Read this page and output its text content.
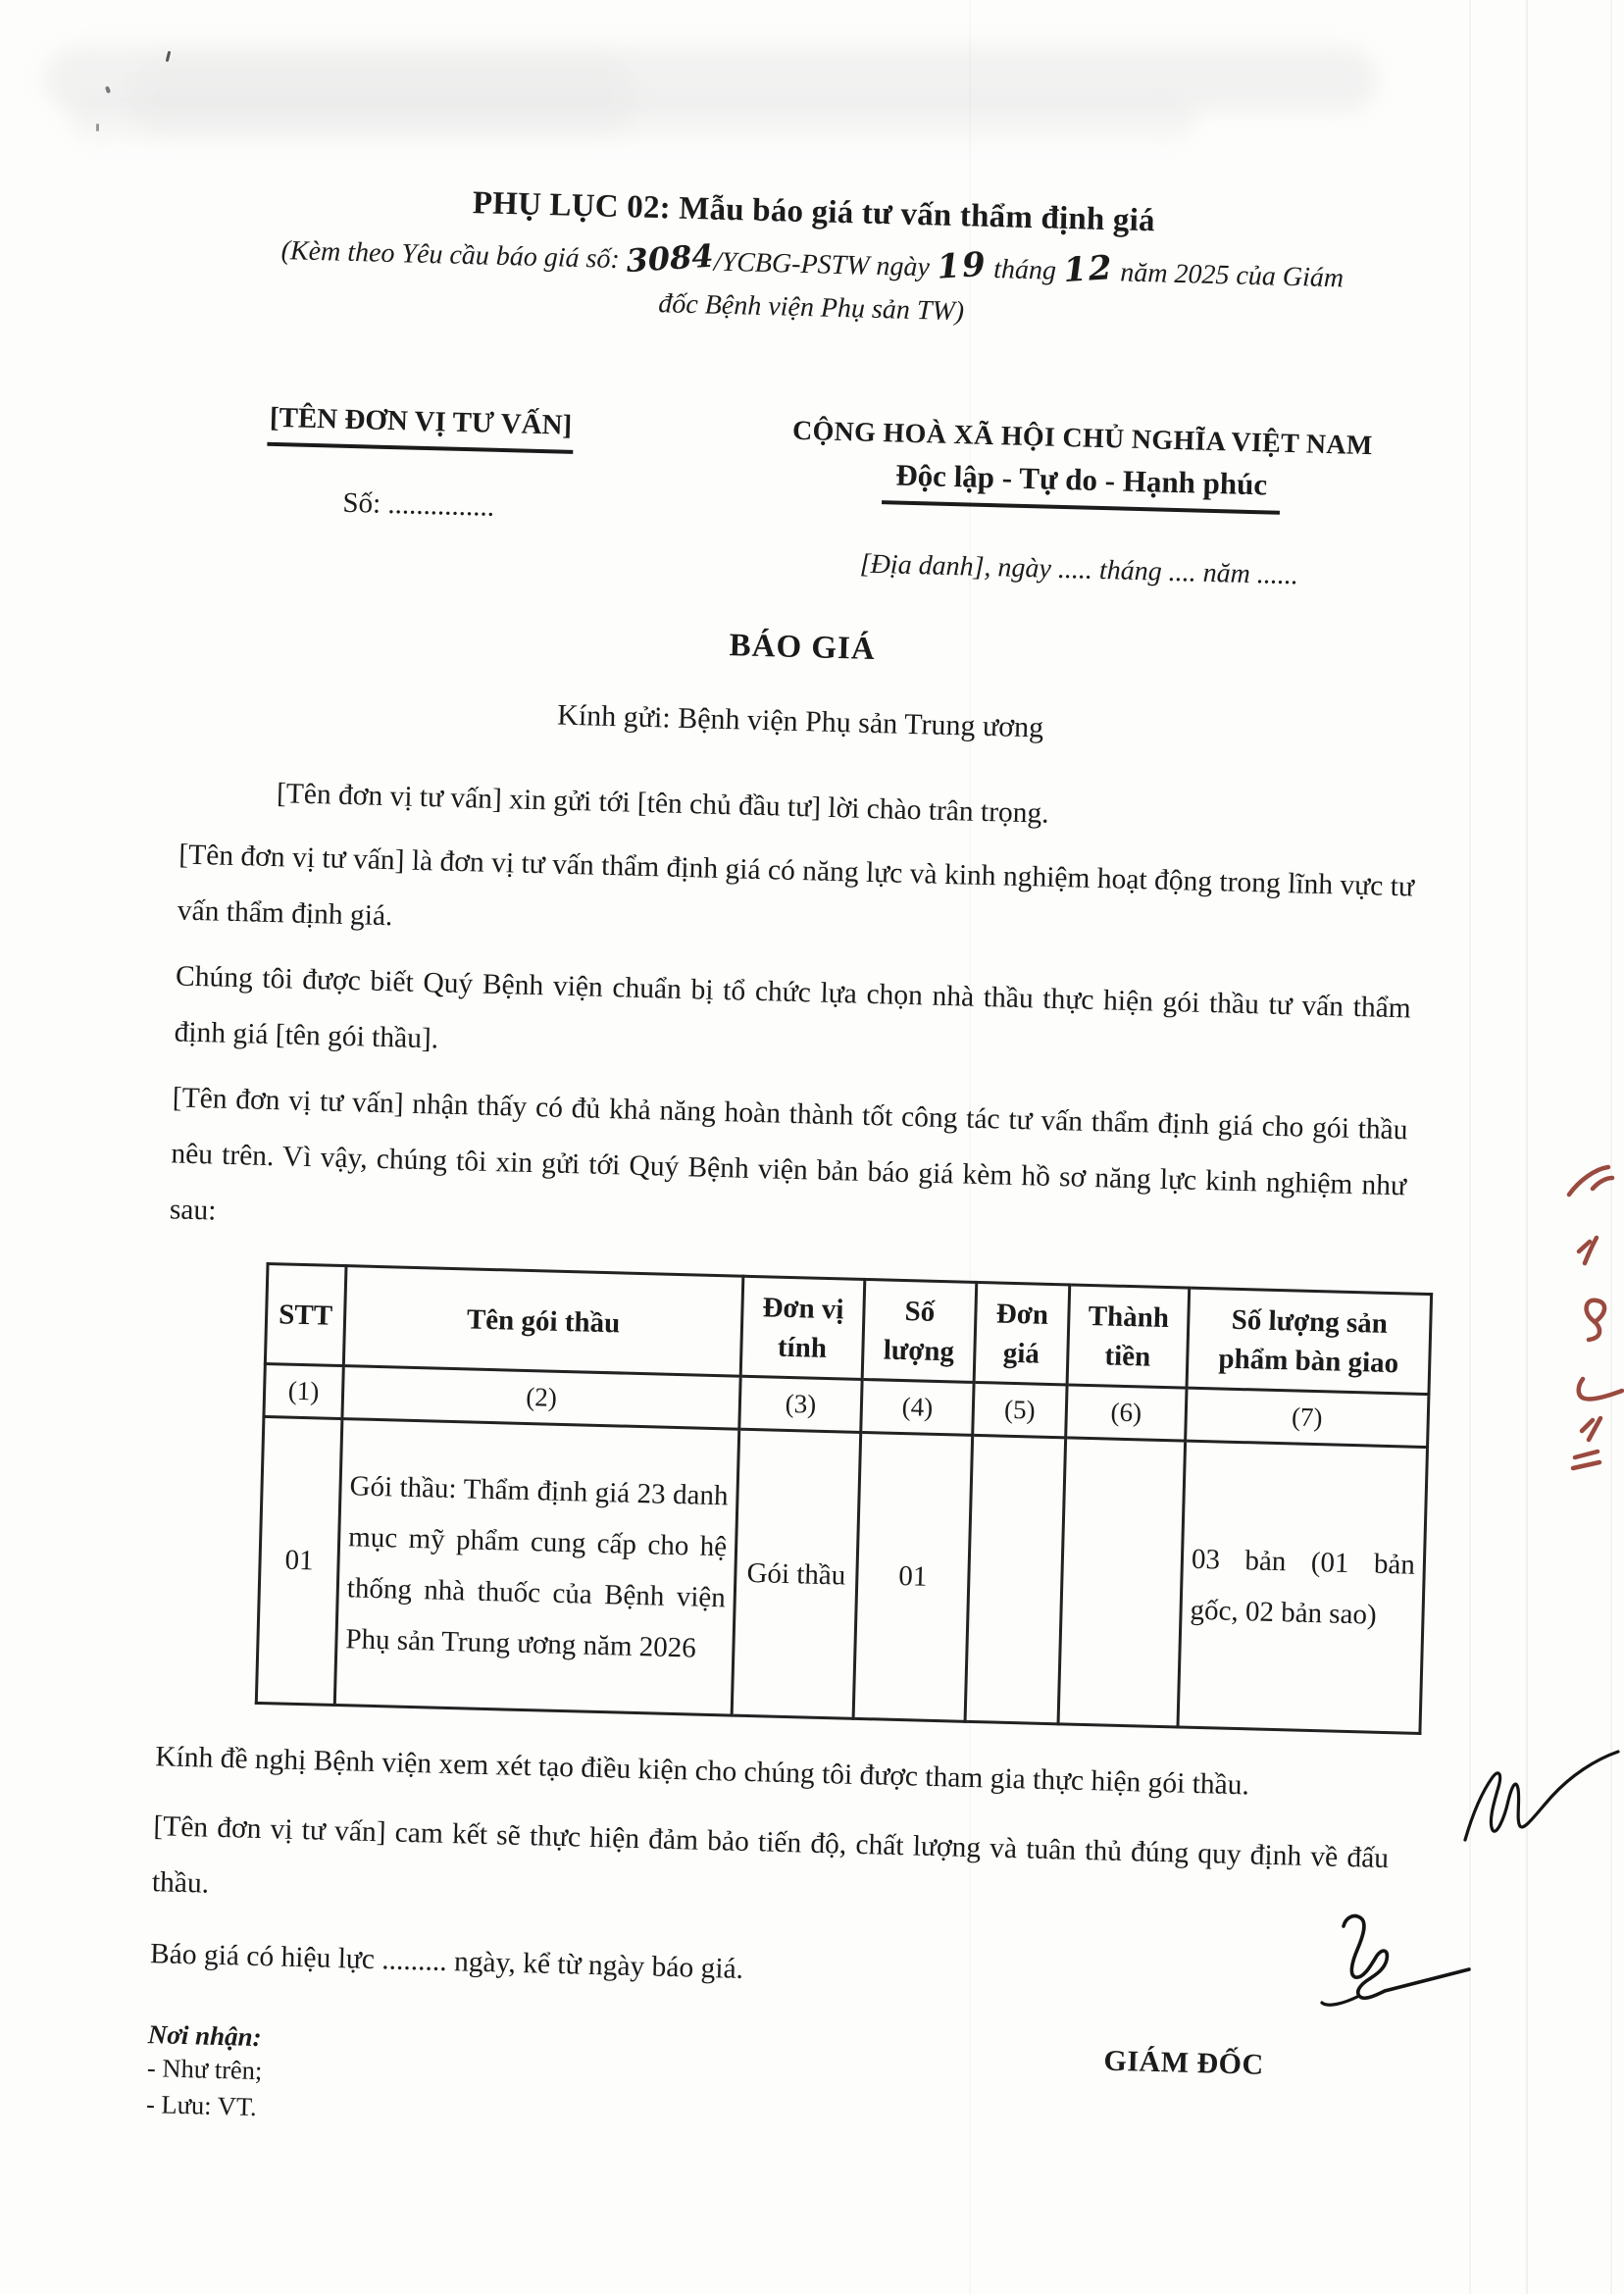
PHỤ LỤC 02: Mẫu báo giá tư vấn thẩm định giá
(Kèm theo Yêu cầu báo giá số: 3084/YCBG-PSTW ngày 19 tháng 12 năm 2025 của Giám
đốc Bệnh viện Phụ sản TW)
[TÊN ĐƠN VỊ TƯ VẤN]
Số: ...............
CỘNG HOÀ XÃ HỘI CHỦ NGHĨA VIỆT NAM
Độc lập - Tự do - Hạnh phúc
[Địa danh], ngày ..... tháng .... năm ......
BÁO GIÁ
Kính gửi: Bệnh viện Phụ sản Trung ương
[Tên đơn vị tư vấn] xin gửi tới [tên chủ đầu tư] lời chào trân trọng.
[Tên đơn vị tư vấn] là đơn vị tư vấn thẩm định giá có năng lực và kinh nghiệm hoạt động trong lĩnh vực tư vấn thẩm định giá.
Chúng tôi được biết Quý Bệnh viện chuẩn bị tổ chức lựa chọn nhà thầu thực hiện gói thầu tư vấn thẩm định giá [tên gói thầu].
[Tên đơn vị tư vấn] nhận thấy có đủ khả năng hoàn thành tốt công tác tư vấn thẩm định giá cho gói thầu nêu trên. Vì vậy, chúng tôi xin gửi tới Quý Bệnh viện bản báo giá kèm hồ sơ năng lực kinh nghiệm như sau:
STT	Tên gói thầu	Đơn vị tính	Số lượng	Đơn giá	Thành tiền	Số lượng sản phẩm bàn giao
(1)	(2)	(3)	(4)	(5)	(6)	(7)
01	Gói thầu: Thẩm định giá 23 danh mục mỹ phẩm cung cấp cho hệ thống nhà thuốc của Bệnh viện Phụ sản Trung ương năm 2026	Gói thầu	01			03 bản (01 bản gốc, 02 bản sao)
Kính đề nghị Bệnh viện xem xét tạo điều kiện cho chúng tôi được tham gia thực hiện gói thầu.
[Tên đơn vị tư vấn] cam kết sẽ thực hiện đảm bảo tiến độ, chất lượng và tuân thủ đúng quy định về đấu thầu.
Báo giá có hiệu lực ......... ngày, kể từ ngày báo giá.
Nơi nhận:
- Như trên;
- Lưu: VT.
GIÁM ĐỐC
